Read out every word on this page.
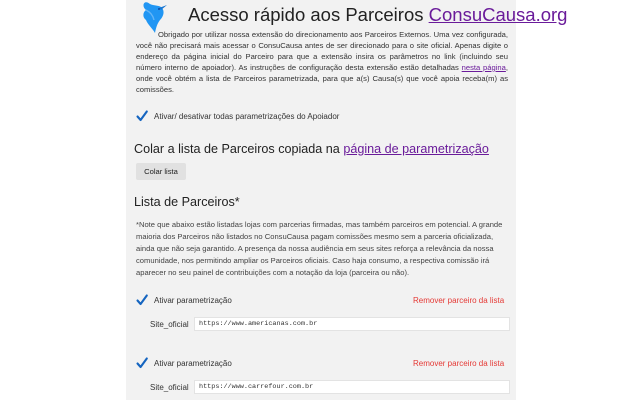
Acesso rápido aos Parceiros ConsuCausa.org

Obrigado por utilizar nossa extensão do direcionamento aos Parceiros Externos. Uma vez configurada, você não precisará mais acessar o ConsuCausa antes de ser direcionado para o site oficial. Apenas digite o endereço da página inicial do Parceiro para que a extensão insira os parâmetros no link (incluindo seu número interno de apoiador). As instruções de configuração desta extensão estão detalhadas nesta página, onde você obtém a lista de Parceiros parametrizada, para que a(s) Causa(s) que você apoia receba(m) as comissões.

Ativar/ desativar todas parametrizações do Apoiador
Colar a lista de Parceiros copiada na página de parametrização
Colar lista
Lista de Parceiros*
*Note que abaixo estão listadas lojas com parcerias firmadas, mas também parceiros em potencial. A grande maioria dos Parceiros não listados no ConsuCausa pagam comissões mesmo sem a parceria oficializada, ainda que não seja garantido. A presença da nossa audiência em seus sites reforça a relevância da nossa comunidade, nos permitindo ampliar os Parceiros oficiais. Caso haja consumo, a respectiva comissão irá aparecer no seu painel de contribuições com a notação da loja (parceira ou não).
Ativar parametrização	Remover parceiro da lista
Site_oficial
https://www.americanas.com.br
Ativar parametrização	Remover parceiro da lista
Site_oficial
https://www.carrefour.com.br
